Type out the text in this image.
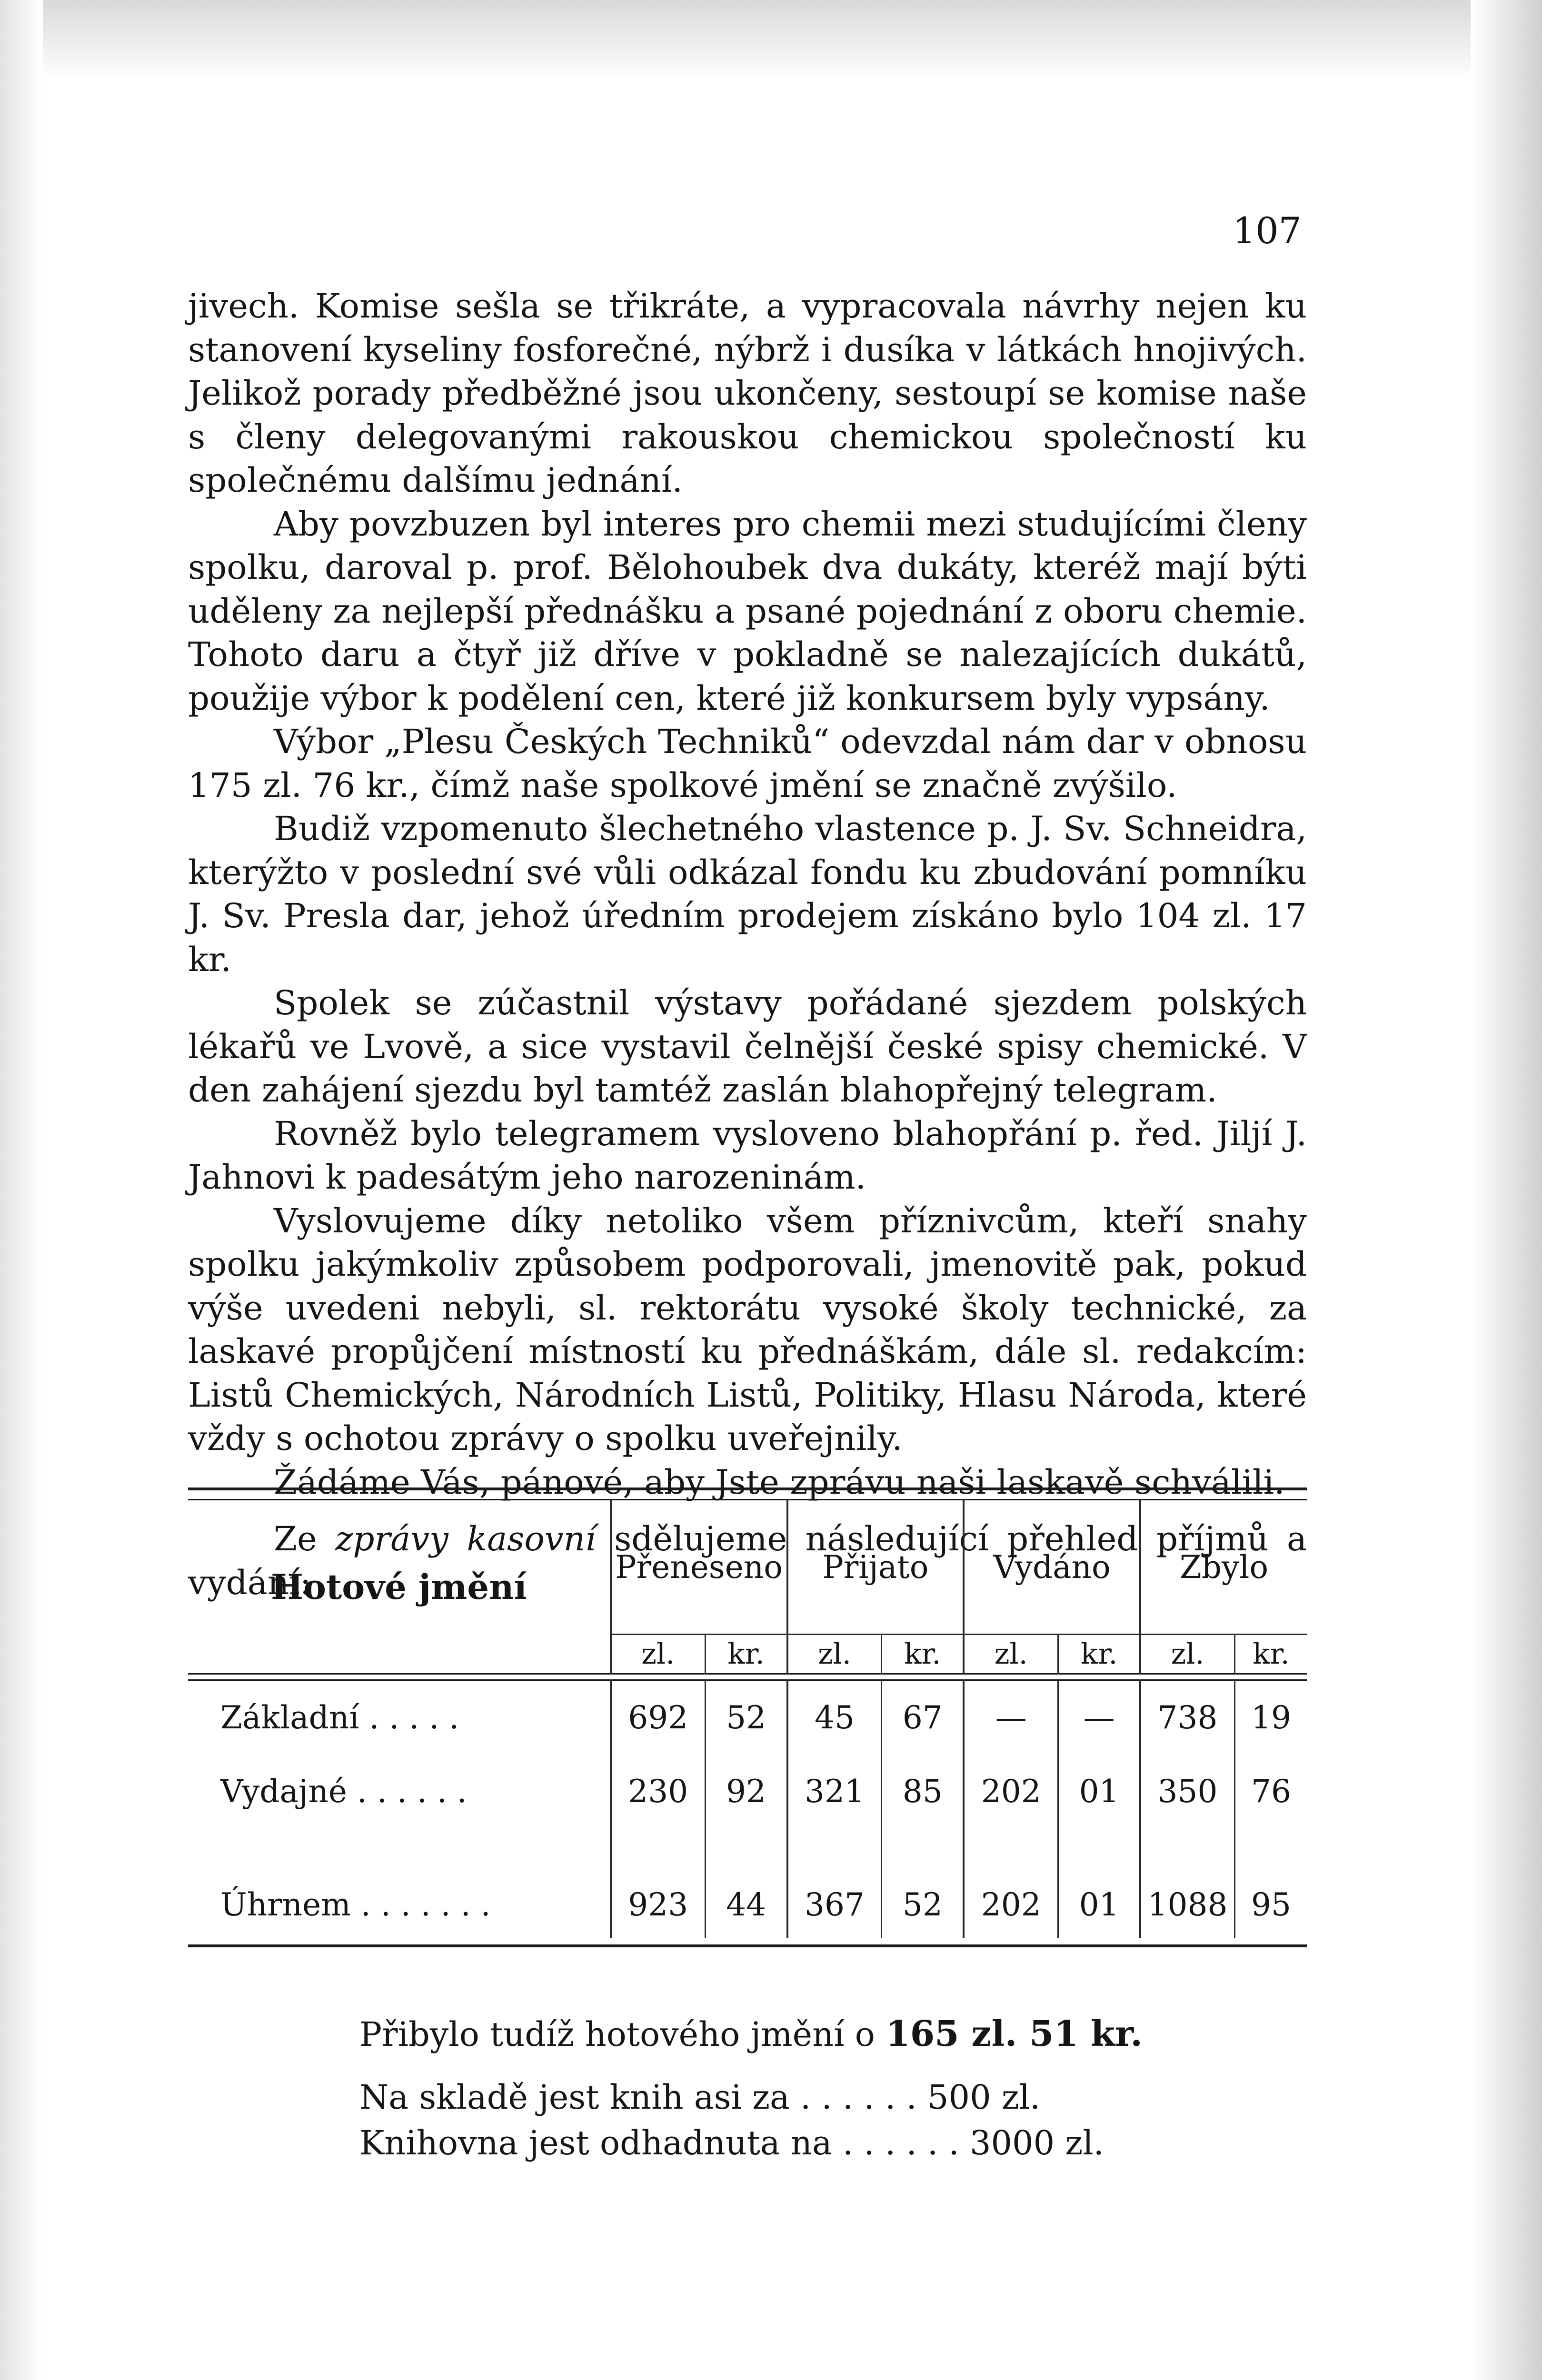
107

jivech. Komise sešla se třikráte, a vypracovala návrhy nejen ku stanovení kyseliny fosforečné, nýbrž i dusíka v látkách hnojivých. Jelikož porady předběžné jsou ukončeny, sestoupí se komise naše s členy delegovanými rakouskou chemickou společností ku společnému dalšímu jednání.

Aby povzbuzen byl interes pro chemii mezi studujícími členy spolku, daroval p. prof. Bělohoubek dva dukáty, kteréž mají býti uděleny za nejlepší přednášku a psané pojednání z oboru chemie. Tohoto daru a čtyř již dříve v pokladně se nalezajících dukátů, použije výbor k podělení cen, které již konkursem byly vypsány.

Výbor „Plesu Českých Techniků“ odevzdal nám dar v obnosu 175 zl. 76 kr., čímž naše spolkové jmění se značně zvýšilo.

Budiž vzpomenuto šlechetného vlastence p. J. Sv. Schneidra, kterýžto v poslední své vůli odkázal fondu ku zbudování pomníku J. Sv. Presla dar, jehož úředním prodejem získáno bylo 104 zl. 17 kr.

Spolek se zúčastnil výstavy pořádané sjezdem polských lékařů ve Lvově, a sice vystavil čelnější české spisy chemické. V den zahájení sjezdu byl tamtéž zaslán blahopřejný telegram.

Rovněž bylo telegramem vysloveno blahopřání p. řed. Jiljí J. Jahnovi k padesátým jeho narozeninám.

Vyslovujeme díky netoliko všem příznivcům, kteří snahy spolku jakýmkoliv způsobem podporovali, jmenovitě pak, pokud výše uvedeni nebyli, sl. rektorátu vysoké školy technické, za laskavé propůjčení místností ku přednáškám, dále sl. redakcím: Listů Chemických, Národních Listů, Politiky, Hlasu Národa, které vždy s ochotou zprávy o spolku uveřejnily.

Žádáme Vás, pánové, aby Jste zprávu naši laskavě schválili.

Ze zprávy kasovní sdělujeme následující přehled příjmů a vydání:

Hotové jmění	Přeneseno		Přijato		Vydáno		Zbylo	
	zl.	kr.	zl.	kr.	zl.	kr.	zl.	kr.

Základní . . . . .	692	52	45	67	—	—	738	19
Vydajné . . . . . .	230	92	321	85	202	01	350	76

Úhrnem . . . . . . .	923	44	367	52	202	01	1088	95

Přibylo tudíž hotového jmění o 165 zl. 51 kr.
Na skladě jest knih asi za . . . . . . 500 zl.
Knihovna jest odhadnuta na . . . . . . 3000 zl.
